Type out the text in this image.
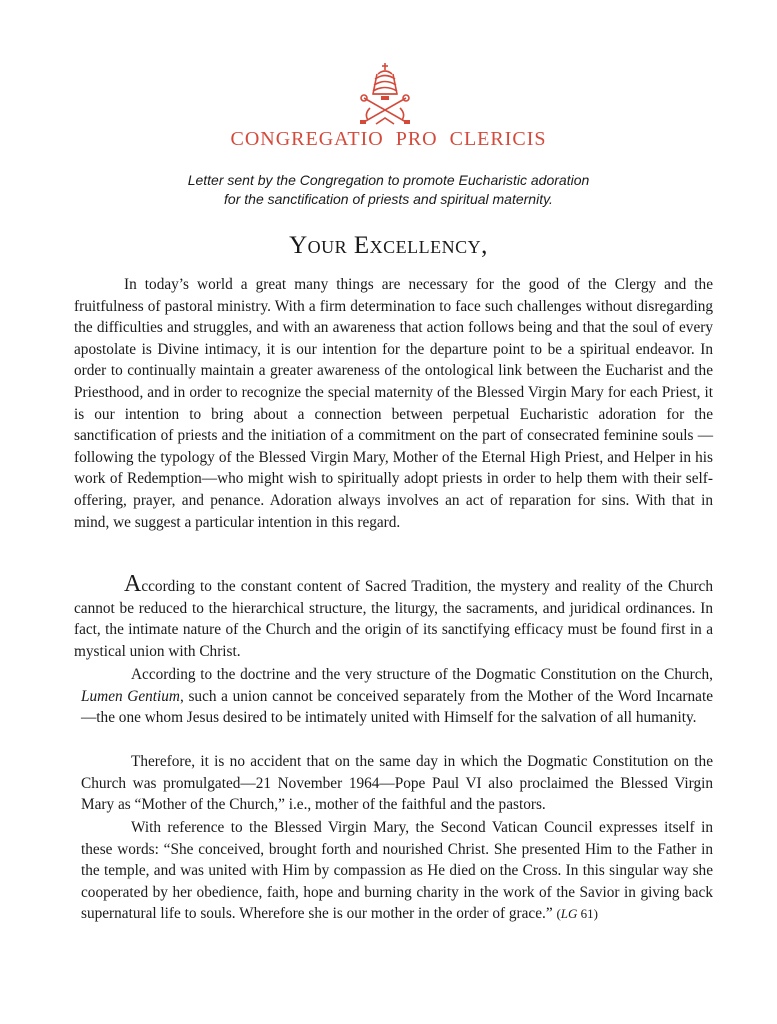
CONGREGATIO  PRO  CLERICIS
Letter sent by the Congregation to promote Eucharistic adoration
for the sanctification of priests and spiritual maternity.
Your Excellency,

In today’s world a great many things are necessary for the good of the Clergy and the fruitfulness of pastoral ministry. With a firm determination to face such challenges without disregarding the difficulties and struggles, and with an awareness that action follows being and that the soul of every apostolate is Divine intimacy, it is our intention for the departure point to be a spiritual endeavor. In order to continually maintain a greater awareness of the ontological link between the Eucharist and the Priesthood, and in order to recognize the special maternity of the Blessed Virgin Mary for each Priest, it is our intention to bring about a connection between perpetual Eucharistic adoration for the sanctification of priests and the initiation of a commitment on the part of consecrated feminine souls —following the typology of the Blessed Virgin Mary, Mother of the Eternal High Priest, and Helper in his work of Redemption—who might wish to spiritually adopt priests in order to help them with their self-offering, prayer, and penance. Adoration always involves an act of reparation for sins. With that in mind, we suggest a particular intention in this regard.

According to the constant content of Sacred Tradition, the mystery and reality of the Church cannot be reduced to the hierarchical structure, the liturgy, the sacraments, and juridical ordinances. In fact, the intimate nature of the Church and the origin of its sanctifying efficacy must be found first in a mystical union with Christ.

According to the doctrine and the very structure of the Dogmatic Constitution on the Church, Lumen Gentium, such a union cannot be conceived separately from the Mother of the Word Incarnate—the one whom Jesus desired to be intimately united with Himself for the salvation of all humanity.

Therefore, it is no accident that on the same day in which the Dogmatic Constitution on the Church was promulgated—21 November 1964—Pope Paul VI also proclaimed the Blessed Virgin Mary as “Mother of the Church,” i.e., mother of the faithful and the pastors.

With reference to the Blessed Virgin Mary, the Second Vatican Council expresses itself in these words: “She conceived, brought forth and nourished Christ. She presented Him to the Father in the temple, and was united with Him by compassion as He died on the Cross. In this singular way she cooperated by her obedience, faith, hope and burning charity in the work of the Savior in giving back supernatural life to souls. Wherefore she is our mother in the order of grace.” (LG 61)
